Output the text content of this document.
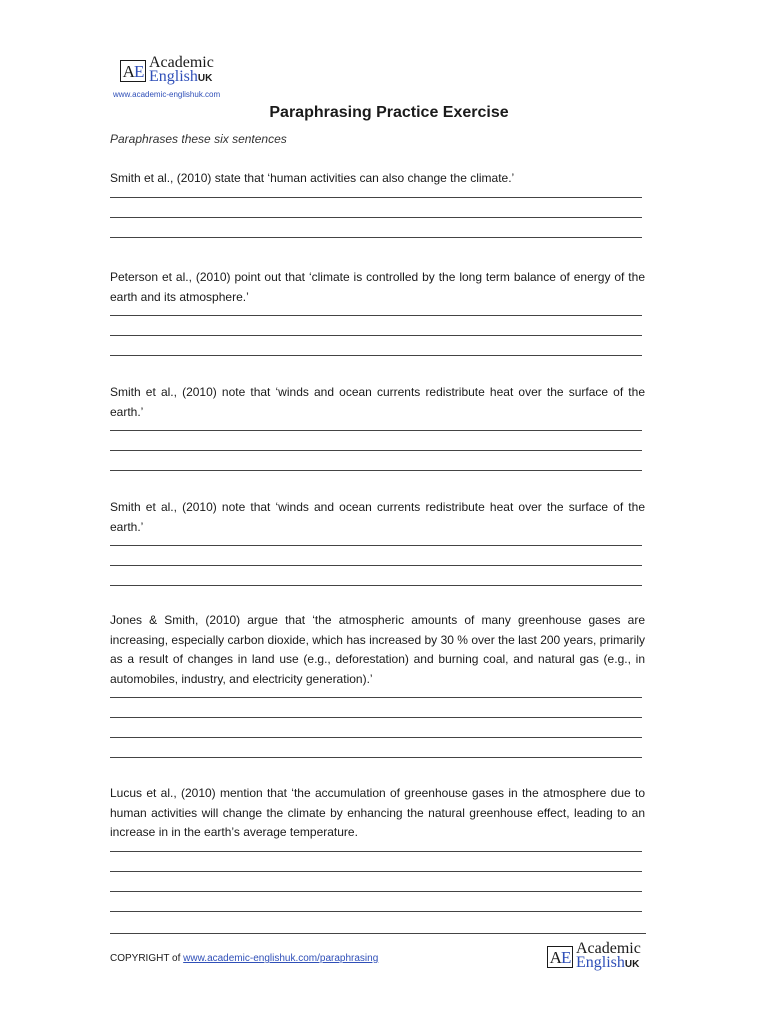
A E Academic
EnglishUK
www.academic-englishuk.com
Paraphrasing Practice Exercise
Paraphrases these six sentences

Smith et al., (2010) state that ‘human activities can also change the climate.’

Peterson et al., (2010) point out that ‘climate is controlled by the long term balance of energy of the earth and its atmosphere.’

Smith et al., (2010) note that ‘winds and ocean currents redistribute heat over the surface of the earth.’

Smith et al., (2010) note that ‘winds and ocean currents redistribute heat over the surface of the earth.’

Jones & Smith, (2010) argue that ‘the atmospheric amounts of many greenhouse gases are increasing, especially carbon dioxide, which has increased by 30 % over the last 200 years, primarily as a result of changes in land use (e.g., deforestation) and burning coal, and natural gas (e.g., in automobiles, industry, and electricity generation).’

Lucus et al., (2010) mention that ‘the accumulation of greenhouse gases in the atmosphere due to human activities will change the climate by enhancing the natural greenhouse effect, leading to an increase in in the earth’s average temperature.

COPYRIGHT of www.academic-englishuk.com/paraphrasing	A E Academic
EnglishUK
